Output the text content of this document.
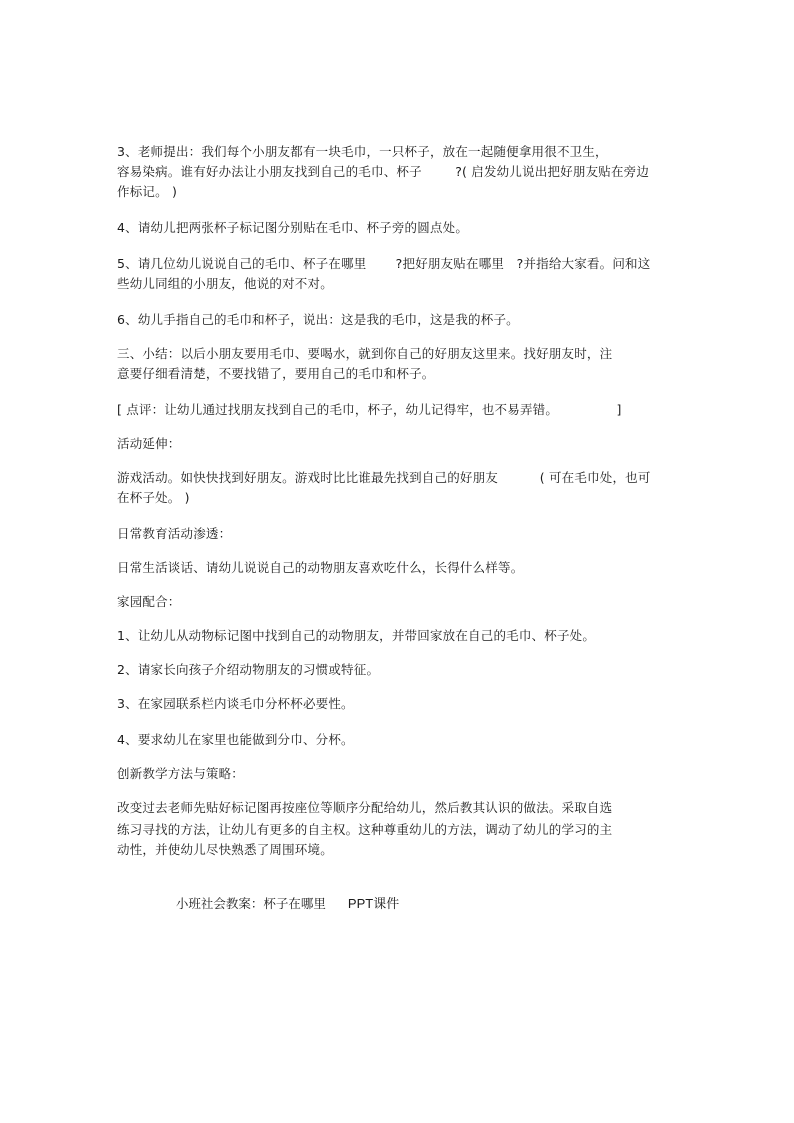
3、老师提出：我们每个小朋友都有一块毛巾，一只杯子，放在一起随便拿用很不卫生，
容易染病。谁有好办法让小朋友找到自己的毛巾、杯子        ?( 启发幼儿说出把好朋友贴在旁边
作标记。 )
4、请幼儿把两张杯子标记图分别贴在毛巾、杯子旁的圆点处。
5、请几位幼儿说说自己的毛巾、杯子在哪里       ?把好朋友贴在哪里   ?并指给大家看。问和这
些幼儿同组的小朋友，他说的对不对。
6、幼儿手指自己的毛巾和杯子，说出：这是我的毛巾，这是我的杯子。
三、小结：以后小朋友要用毛巾、要喝水，就到你自己的好朋友这里来。找好朋友时，注
意要仔细看清楚，不要找错了，要用自己的毛巾和杯子。
[ 点评：让幼儿通过找朋友找到自己的毛巾，杯子，幼儿记得牢，也不易弄错。              ]
活动延伸：
游戏活动。如快快找到好朋友。游戏时比比谁最先找到自己的好朋友          ( 可在毛巾处，也可
在杯子处。 )
日常教育活动渗透：
日常生活谈话、请幼儿说说自己的动物朋友喜欢吃什么，长得什么样等。
家园配合：
1、让幼儿从动物标记图中找到自己的动物朋友，并带回家放在自己的毛巾、杯子处。
2、请家长向孩子介绍动物朋友的习惯或特征。
3、在家园联系栏内谈毛巾分杯杯必要性。
4、要求幼儿在家里也能做到分巾、分杯。
创新教学方法与策略：
改变过去老师先贴好标记图再按座位等顺序分配给幼儿，然后教其认识的做法。采取自选
练习寻找的方法，让幼儿有更多的自主权。这种尊重幼儿的方法，调动了幼儿的学习的主
动性，并使幼儿尽快熟悉了周围环境。

小班社会教案：杯子在哪里 PPT课件
